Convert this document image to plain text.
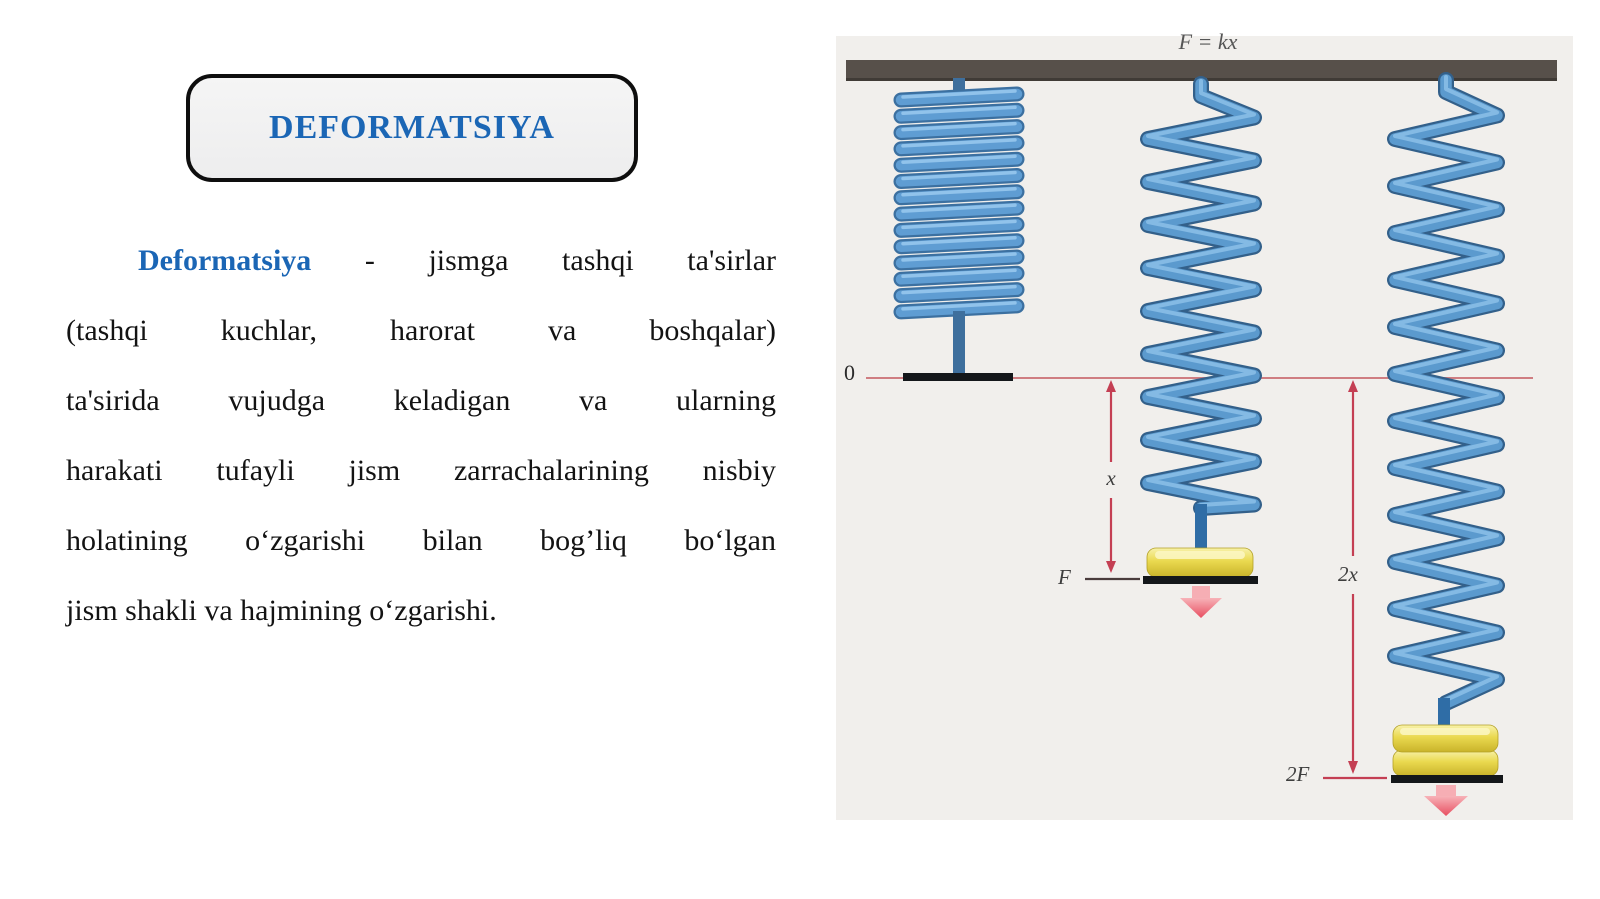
DEFORMATSIYA
Deformatsiya - jismga tashqi ta'sirlar
(tashqi kuchlar, harorat va boshqalar)
ta'sirida vujudga keladigan va ularning
harakati tufayli jism zarrachalarining nisbiy
holatining o‘zgarishi bilan bog’liq bo‘lgan
jism shakli va hajmining o‘zgarishi.
F = kx
0
x
F	2x
2F
